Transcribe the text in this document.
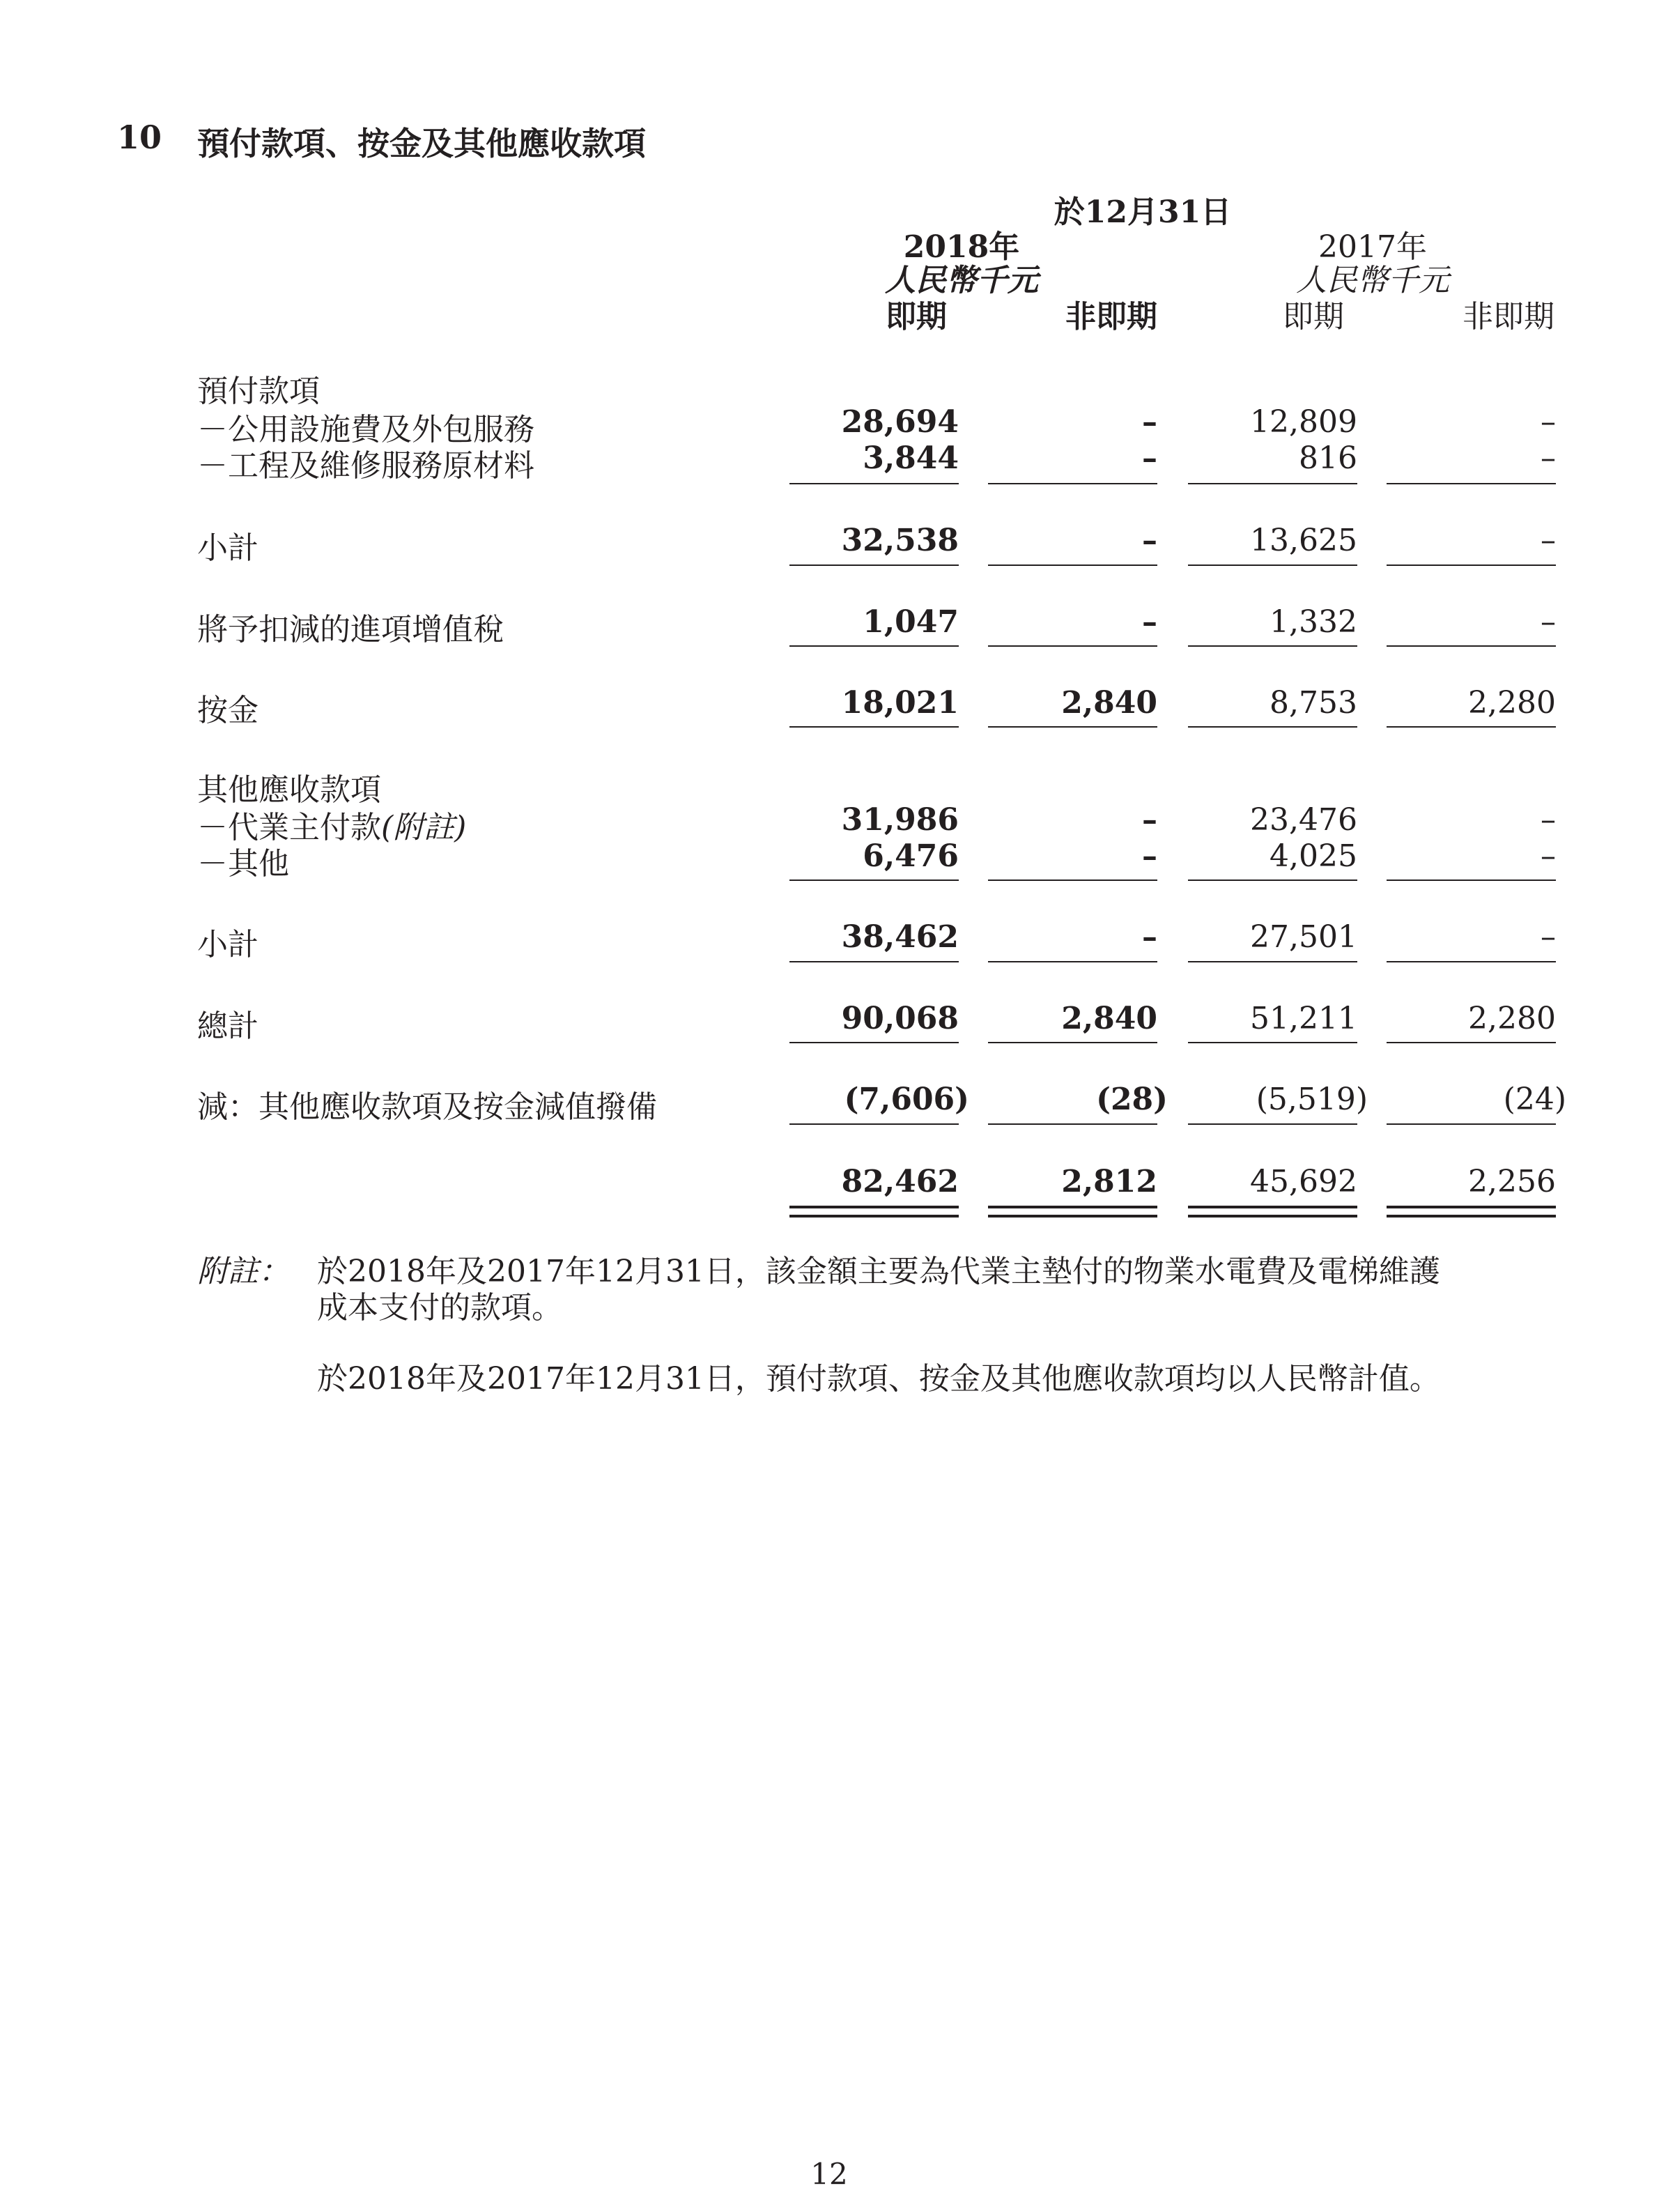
10 預付款項、按金及其他應收款項
於12月31日
2018年	2017年
人民幣千元	人民幣千元
即期	非即期	即期	非即期
預付款項
－公用設施費及外包服務	28,694	–	12,809	–
－工程及維修服務原材料	3,844	–	816	–
小計	32,538	–	13,625	–
將予扣減的進項增值稅	1,047	–	1,332	–
按金	18,021	2,840	8,753	2,280
其他應收款項
－代業主付款(附註)	31,986	–	23,476	–
－其他	6,476	–	4,025	–
小計	38,462	–	27,501	–
總計	90,068	2,840	51,211	2,280
減：其他應收款項及按金減值撥備	(7,606)	(28)	(5,519)	(24)
82,462	2,812	45,692	2,256
附註： 於2018年及2017年12月31日，該金額主要為代業主墊付的物業水電費及電梯維護
成本支付的款項。
於2018年及2017年12月31日，預付款項、按金及其他應收款項均以人民幣計值。
12
